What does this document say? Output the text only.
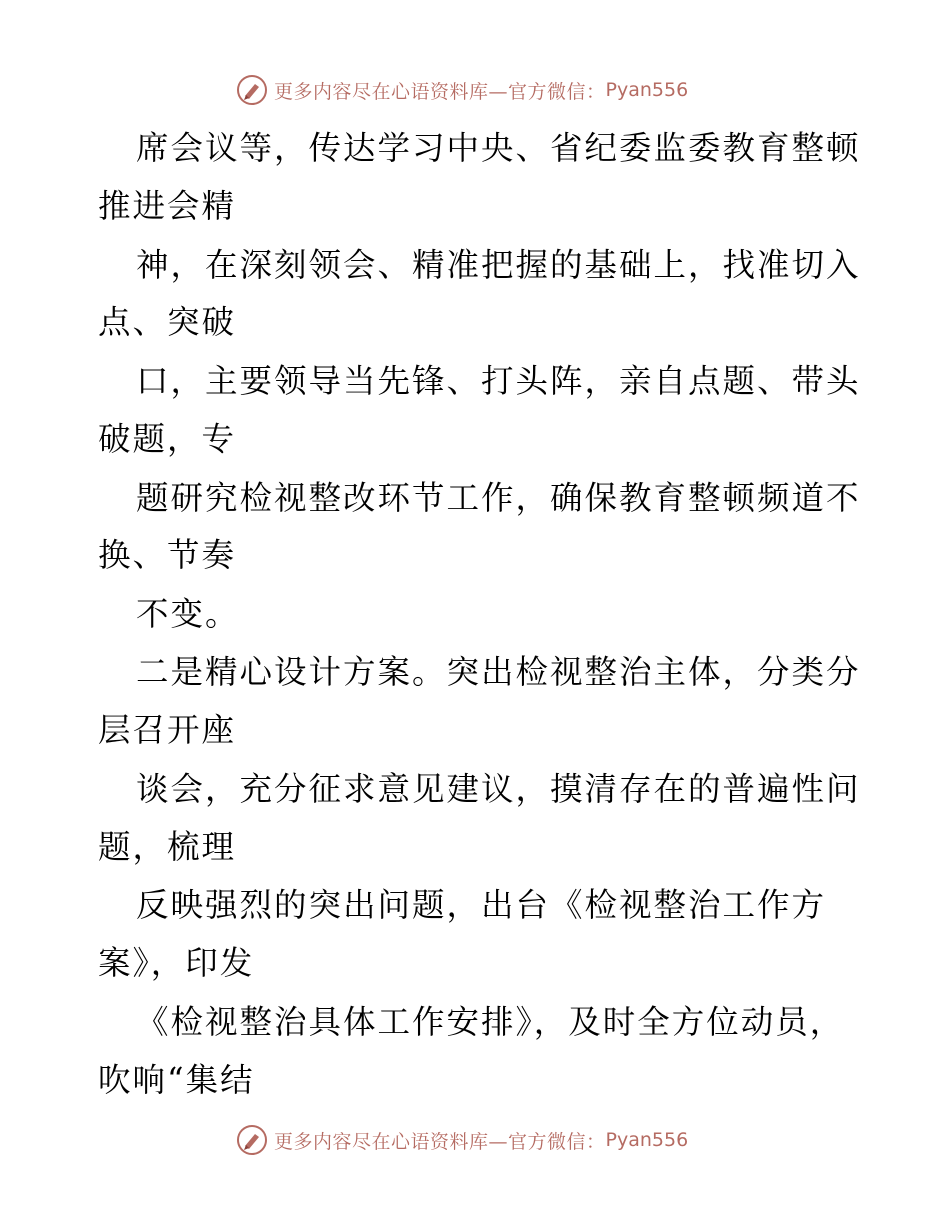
更多内容尽在心语资料库—官方微信： Pyan556
席会议等，传达学习中央、省纪委监委教育整顿
推进会精
神，在深刻领会、精准把握的基础上，找准切入
点、突破
口，主要领导当先锋、打头阵，亲自点题、带头
破题，专
题研究检视整改环节工作，确保教育整顿频道不
换、节奏
不变。
二是精心设计方案。突出检视整治主体，分类分
层召开座
谈会，充分征求意见建议，摸清存在的普遍性问
题，梳理
反映强烈的突出问题，出台《检视整治工作方
案》，印发
《检视整治具体工作安排》，及时全方位动员，
吹响“集结
更多内容尽在心语资料库—官方微信： Pyan556
